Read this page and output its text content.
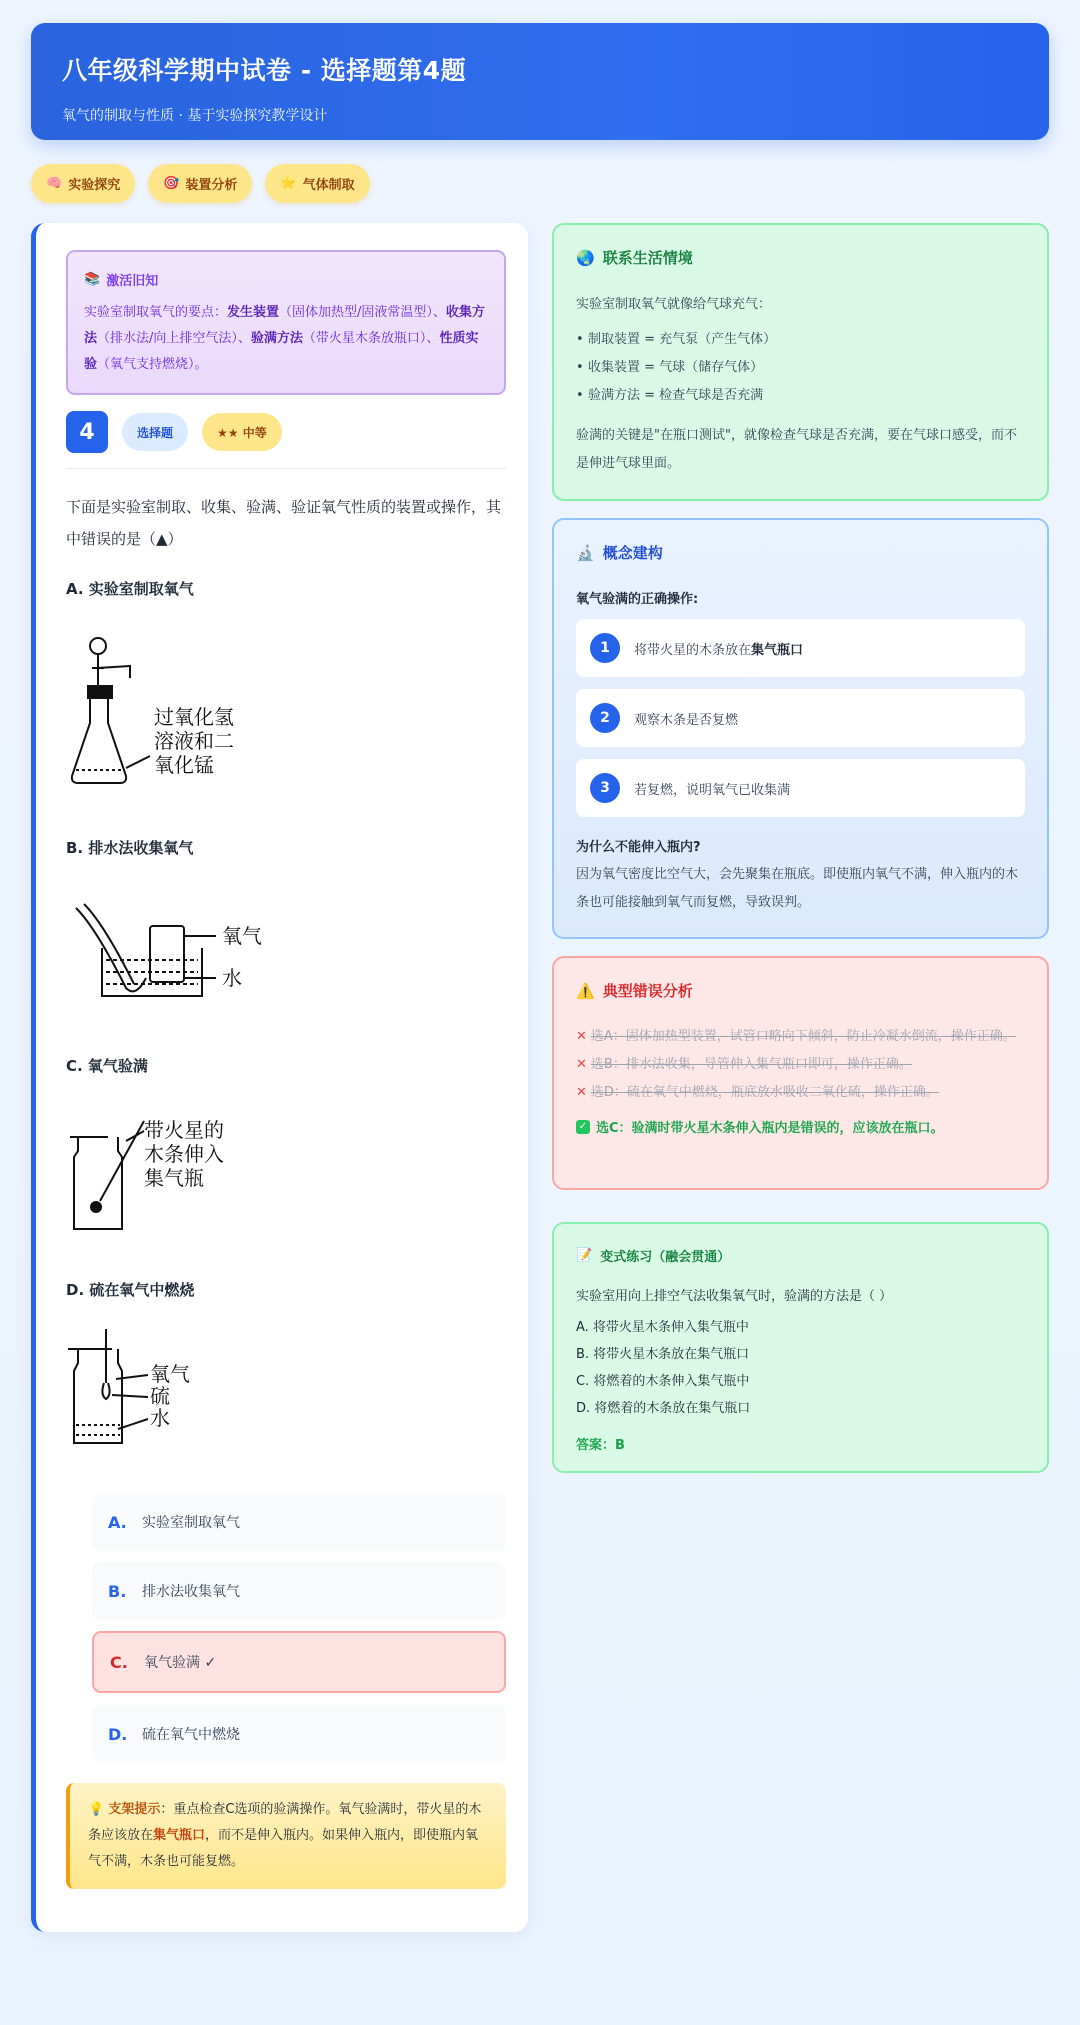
八年级科学期中试卷 - 选择题第4题

氧气的制取与性质 · 基于实验探究教学设计

🧠 实验探究	🎯 装置分析	⭐ 气体制取
📚 激活旧知
实验室制取氧气的要点：发生装置（固体加热型/固液常温型）、收集方法（排水法/向上排空气法）、验满方法（带火星木条放瓶口）、性质实验（氧气支持燃烧）。
4	选择题	★★ 中等
下面是实验室制取、收集、验满、验证氧气性质的装置或操作，其中错误的是（▲）
A. 实验室制取氧气
过氧化氢
溶液和二
氧化锰
B. 排水法收集氧气
氧气
水
C. 氧气验满
带火星的
木条伸入
集气瓶
D. 硫在氧气中燃烧
氧气
硫
水
A. 实验室制取氧气
B. 排水法收集氧气
C. 氧气验满 ✓
D. 硫在氧气中燃烧
💡 支架提示：重点检查C选项的验满操作。氧气验满时，带火星的木条应该放在集气瓶口，而不是伸入瓶内。如果伸入瓶内，即使瓶内氧气不满，木条也可能复燃。
🌏 联系生活情境
实验室制取氧气就像给气球充气：
• 制取装置 = 充气泵（产生气体）
• 收集装置 = 气球（储存气体）
• 验满方法 = 检查气球是否充满
验满的关键是"在瓶口测试"，就像检查气球是否充满，要在气球口感受，而不是伸进气球里面。
🔬 概念建构
氧气验满的正确操作:
1	将带火星的木条放在集气瓶口
2	观察木条是否复燃
3	若复燃，说明氧气已收集满
为什么不能伸入瓶内?
因为氧气密度比空气大，会先聚集在瓶底。即使瓶内氧气不满，伸入瓶内的木条也可能接触到氧气而复燃，导致误判。
⚠️ 典型错误分析
✕ 选A：固体加热型装置，试管口略向下倾斜，防止冷凝水倒流，操作正确。
✕ 选B：排水法收集，导管伸入集气瓶口即可，操作正确。
✕ 选D：硫在氧气中燃烧，瓶底放水吸收二氧化硫，操作正确。
✓ 选C：验满时带火星木条伸入瓶内是错误的，应该放在瓶口。
📝 变式练习（融会贯通）
实验室用向上排空气法收集氧气时，验满的方法是（ ）
A. 将带火星木条伸入集气瓶中
B. 将带火星木条放在集气瓶口
C. 将燃着的木条伸入集气瓶中
D. 将燃着的木条放在集气瓶口
答案：B
